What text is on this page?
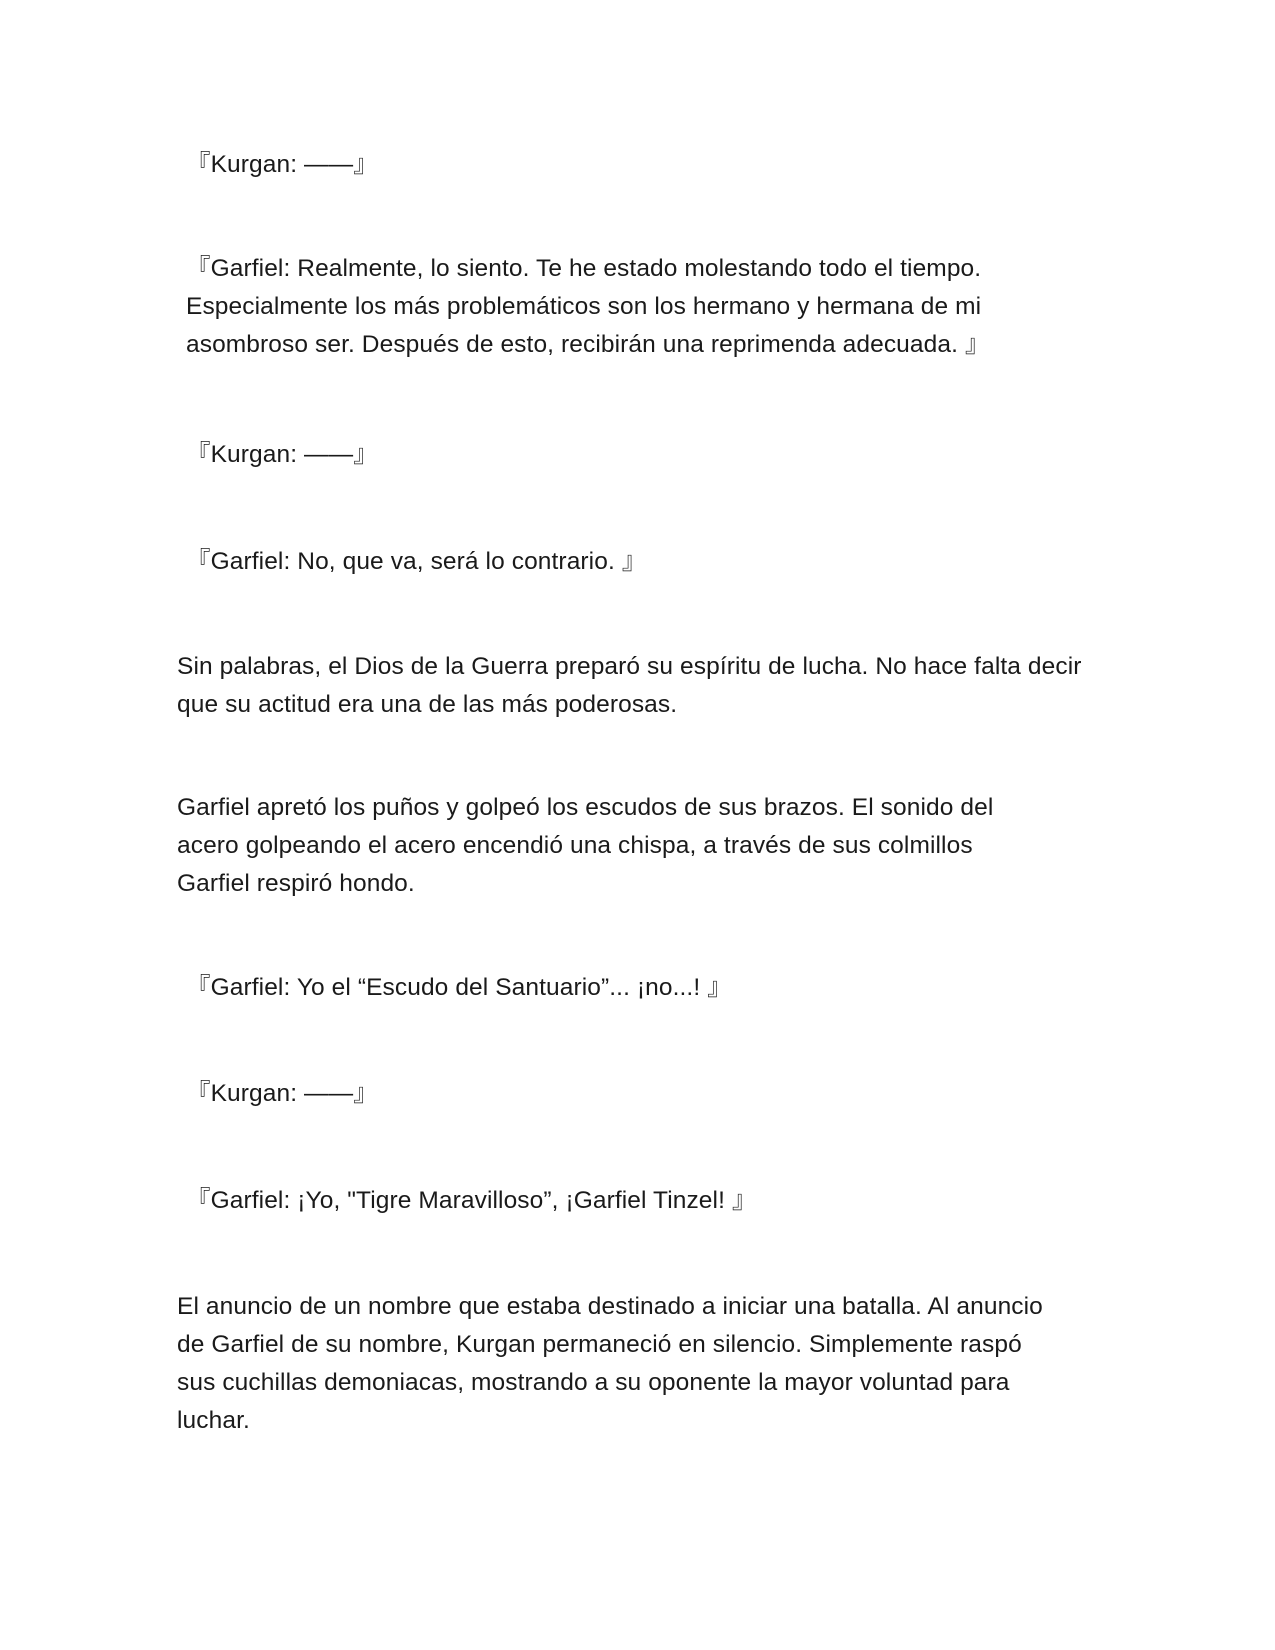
『Kurgan: ——』

『Garfiel: Realmente, lo siento. Te he estado molestando todo el tiempo. Especialmente los más problemáticos son los hermano y hermana de mi asombroso ser. Después de esto, recibirán una reprimenda adecuada. 』

『Kurgan: ——』

『Garfiel: No, que va, será lo contrario. 』

Sin palabras, el Dios de la Guerra preparó su espíritu de lucha. No hace falta decir que su actitud era una de las más poderosas.

Garfiel apretó los puños y golpeó los escudos de sus brazos. El sonido del acero golpeando el acero encendió una chispa, a través de sus colmillos Garfiel respiró hondo.

『Garfiel: Yo el “Escudo del Santuario”... ¡no...! 』

『Kurgan: ——』

『Garfiel: ¡Yo, "Tigre Maravilloso”, ¡Garfiel Tinzel! 』

El anuncio de un nombre que estaba destinado a iniciar una batalla. Al anuncio de Garfiel de su nombre, Kurgan permaneció en silencio. Simplemente raspó sus cuchillas demoniacas, mostrando a su oponente la mayor voluntad para luchar.
